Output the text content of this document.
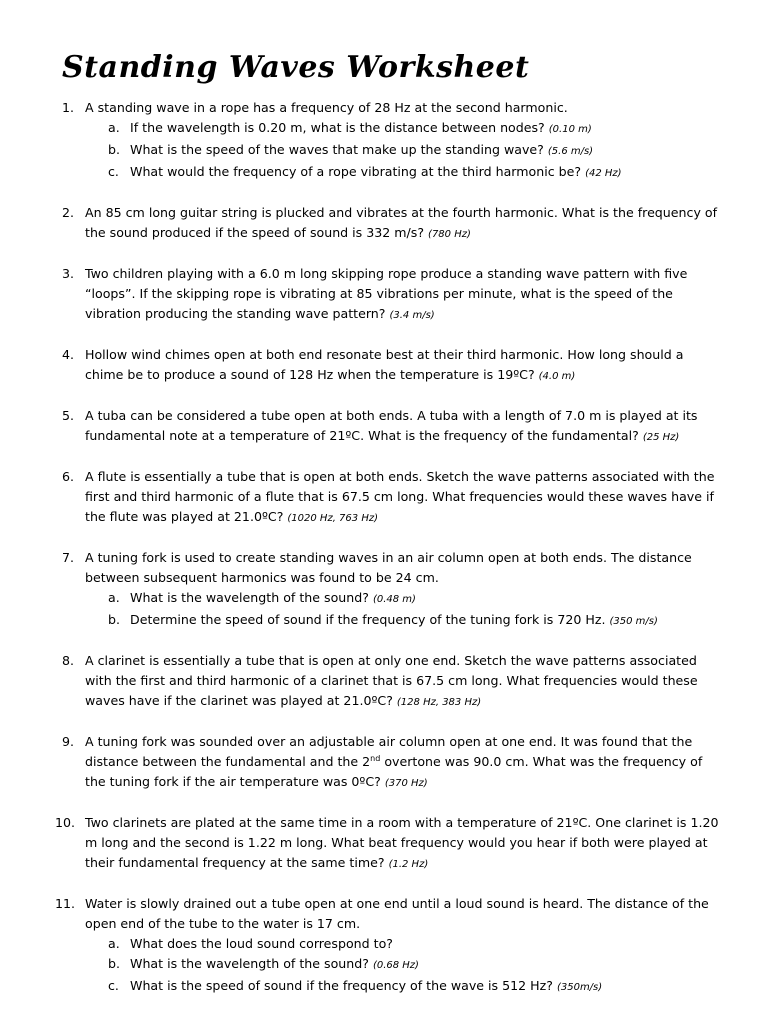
Standing Waves Worksheet
1. A standing wave in a rope has a frequency of 28 Hz at the second harmonic.
a. If the wavelength is 0.20 m, what is the distance between nodes? (0.10 m)
b. What is the speed of the waves that make up the standing wave? (5.6 m/s)
c. What would the frequency of a rope vibrating at the third harmonic be? (42 Hz)
2. An 85 cm long guitar string is plucked and vibrates at the fourth harmonic. What is the frequency of the sound produced if the speed of sound is 332 m/s? (780 Hz)
3. Two children playing with a 6.0 m long skipping rope produce a standing wave pattern with five “loops”. If the skipping rope is vibrating at 85 vibrations per minute, what is the speed of the vibration producing the standing wave pattern? (3.4 m/s)
4. Hollow wind chimes open at both end resonate best at their third harmonic. How long should a chime be to produce a sound of 128 Hz when the temperature is 19ºC? (4.0 m)
5. A tuba can be considered a tube open at both ends. A tuba with a length of 7.0 m is played at its fundamental note at a temperature of 21ºC. What is the frequency of the fundamental? (25 Hz)
6. A flute is essentially a tube that is open at both ends. Sketch the wave patterns associated with the first and third harmonic of a flute that is 67.5 cm long. What frequencies would these waves have if the flute was played at 21.0ºC? (1020 Hz, 763 Hz)
7. A tuning fork is used to create standing waves in an air column open at both ends. The distance between subsequent harmonics was found to be 24 cm.
a. What is the wavelength of the sound? (0.48 m)
b. Determine the speed of sound if the frequency of the tuning fork is 720 Hz. (350 m/s)
8. A clarinet is essentially a tube that is open at only one end. Sketch the wave patterns associated with the first and third harmonic of a clarinet that is 67.5 cm long. What frequencies would these waves have if the clarinet was played at 21.0ºC? (128 Hz, 383 Hz)
9. A tuning fork was sounded over an adjustable air column open at one end. It was found that the distance between the fundamental and the 2nd overtone was 90.0 cm. What was the frequency of the tuning fork if the air temperature was 0ºC? (370 Hz)
10. Two clarinets are plated at the same time in a room with a temperature of 21ºC. One clarinet is 1.20 m long and the second is 1.22 m long. What beat frequency would you hear if both were played at their fundamental frequency at the same time? (1.2 Hz)
11. Water is slowly drained out a tube open at one end until a loud sound is heard. The distance of the open end of the tube to the water is 17 cm.
a. What does the loud sound correspond to?
b. What is the wavelength of the sound? (0.68 Hz)
c. What is the speed of sound if the frequency of the wave is 512 Hz? (350m/s)
